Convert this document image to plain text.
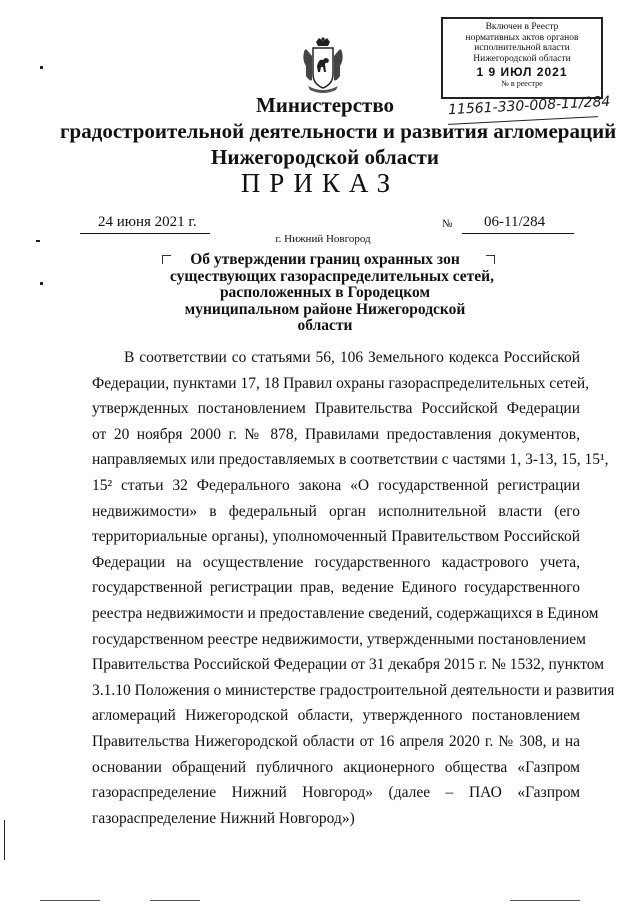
Включен в Реестр
нормативных актов органов
исполнительной власти
Нижегородской области
1 9 ИЮЛ 2021
№ в реестре
11561-330-008-11/284
Министерство
градостроительной деятельности и развития агломераций
Нижегородской области
ПРИКАЗ
24 июня 2021 г.	№ 06-11/284
г. Нижний Новгород
Об утверждении границ охранных зон
существующих газораспределительных сетей,
расположенных в Городецком
муниципальном районе Нижегородской
области
В соответствии со статьями 56, 106 Земельного кодекса Российской
Федерации, пунктами 17, 18 Правил охраны газораспределительных сетей,
утвержденных постановлением Правительства Российской Федерации
от 20 ноября 2000 г. № 878, Правилами предоставления документов,
направляемых или предоставляемых в соответствии с частями 1, 3-13, 15, 15¹,
15² статьи 32 Федерального закона «О государственной регистрации
недвижимости» в федеральный орган исполнительной власти (его
территориальные органы), уполномоченный Правительством Российской
Федерации на осуществление государственного кадастрового учета,
государственной регистрации прав, ведение Единого государственного
реестра недвижимости и предоставление сведений, содержащихся в Едином
государственном реестре недвижимости, утвержденными постановлением
Правительства Российской Федерации от 31 декабря 2015 г. № 1532, пунктом
3.1.10 Положения о министерстве градостроительной деятельности и развития
агломераций Нижегородской области, утвержденного постановлением
Правительства Нижегородской области от 16 апреля 2020 г. № 308, и на
основании обращений публичного акционерного общества «Газпром
газораспределение Нижний Новгород» (далее – ПАО «Газпром
газораспределение Нижний Новгород»)
